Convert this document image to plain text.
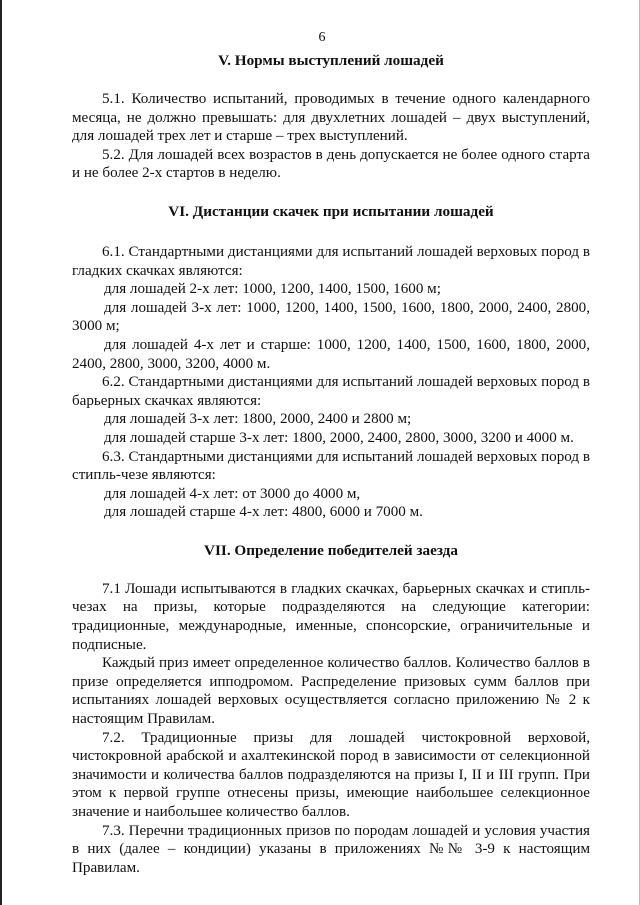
6
V. Нормы выступлений лошадей

5.1. Количество испытаний, проводимых в течение одного календарного месяца, не должно превышать: для двухлетних лошадей – двух выступлений, для лошадей трех лет и старше – трех выступлений.

5.2. Для лошадей всех возрастов в день допускается не более одного старта и не более 2-х стартов в неделю.

VI. Дистанции скачек при испытании лошадей

6.1. Стандартными дистанциями для испытаний лошадей верховых пород в гладких скачках являются:

для лошадей 2-х лет: 1000, 1200, 1400, 1500, 1600 м;

для лошадей 3-х лет: 1000, 1200, 1400, 1500, 1600, 1800, 2000, 2400, 2800, 3000 м;

для лошадей 4-х лет и старше: 1000, 1200, 1400, 1500, 1600, 1800, 2000, 2400, 2800, 3000, 3200, 4000 м.

6.2. Стандартными дистанциями для испытаний лошадей верховых пород в барьерных скачках являются:

для лошадей 3-х лет: 1800, 2000, 2400 и 2800 м;

для лошадей старше 3-х лет: 1800, 2000, 2400, 2800, 3000, 3200 и 4000 м.

6.3. Стандартными дистанциями для испытаний лошадей верховых пород в стипль-чезе являются:

для лошадей 4-х лет: от 3000 до 4000 м,

для лошадей старше 4-х лет: 4800, 6000 и 7000 м.

VII. Определение победителей заезда

7.1 Лошади испытываются в гладких скачках, барьерных скачках и стипль-чезах на призы, которые подразделяются на следующие категории: традиционные, международные, именные, спонсорские, ограничительные и подписные.

Каждый приз имеет определенное количество баллов. Количество баллов в призе определяется ипподромом. Распределение призовых сумм баллов при испытаниях лошадей верховых осуществляется согласно приложению № 2 к настоящим Правилам.

7.2. Традиционные призы для лошадей чистокровной верховой, чистокровной арабской и ахалтекинской пород в зависимости от селекционной значимости и количества баллов подразделяются на призы I, II и III групп. При этом к первой группе отнесены призы, имеющие наибольшее селекционное значение и наибольшее количество баллов.

7.3. Перечни традиционных призов по породам лошадей и условия участия в них (далее – кондиции) указаны в приложениях №№ 3-9 к настоящим Правилам.
